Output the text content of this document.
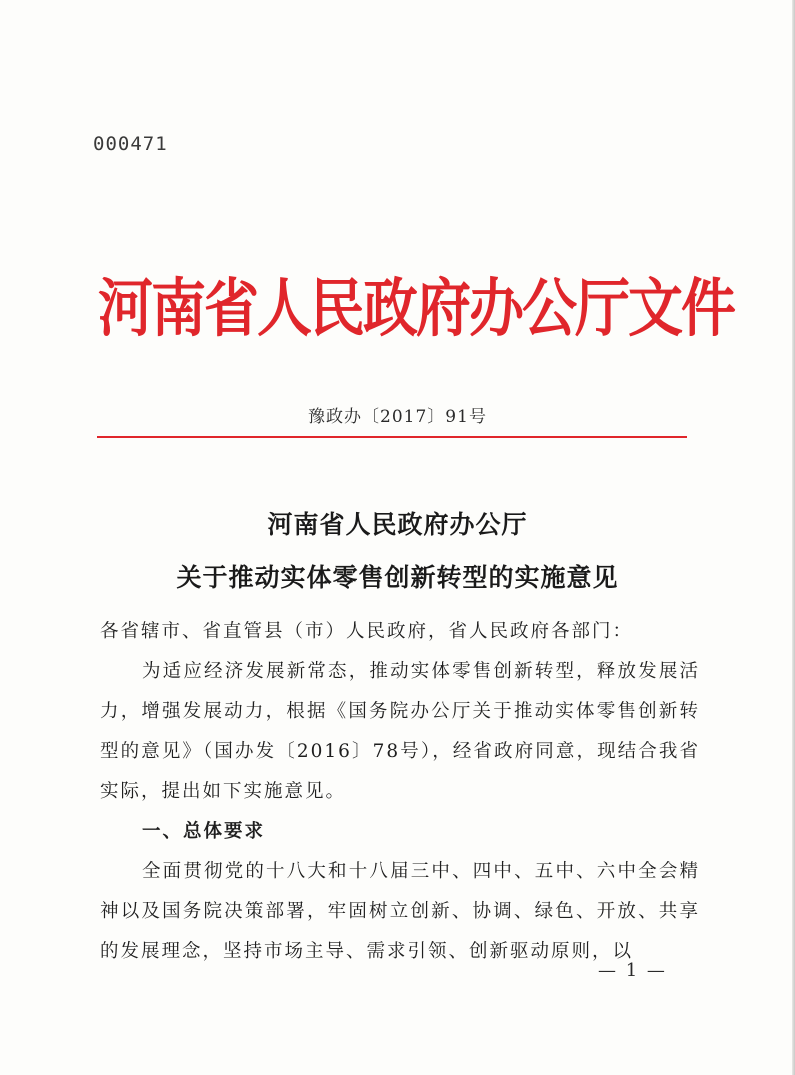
000471
河南省人民政府办公厅文件
豫政办〔2017〕91号
河南省人民政府办公厅
关于推动实体零售创新转型的实施意见

各省辖市、省直管县（市）人民政府，省人民政府各部门：

为适应经济发展新常态，推动实体零售创新转型，释放发展活力，增强发展动力，根据《国务院办公厅关于推动实体零售创新转型的意见》（国办发〔2016〕78号），经省政府同意，现结合我省实际，提出如下实施意见。

一、总体要求

全面贯彻党的十八大和十八届三中、四中、五中、六中全会精神以及国务院决策部署，牢固树立创新、协调、绿色、开放、共享的发展理念，坚持市场主导、需求引领、创新驱动原则，以

— 1 —
